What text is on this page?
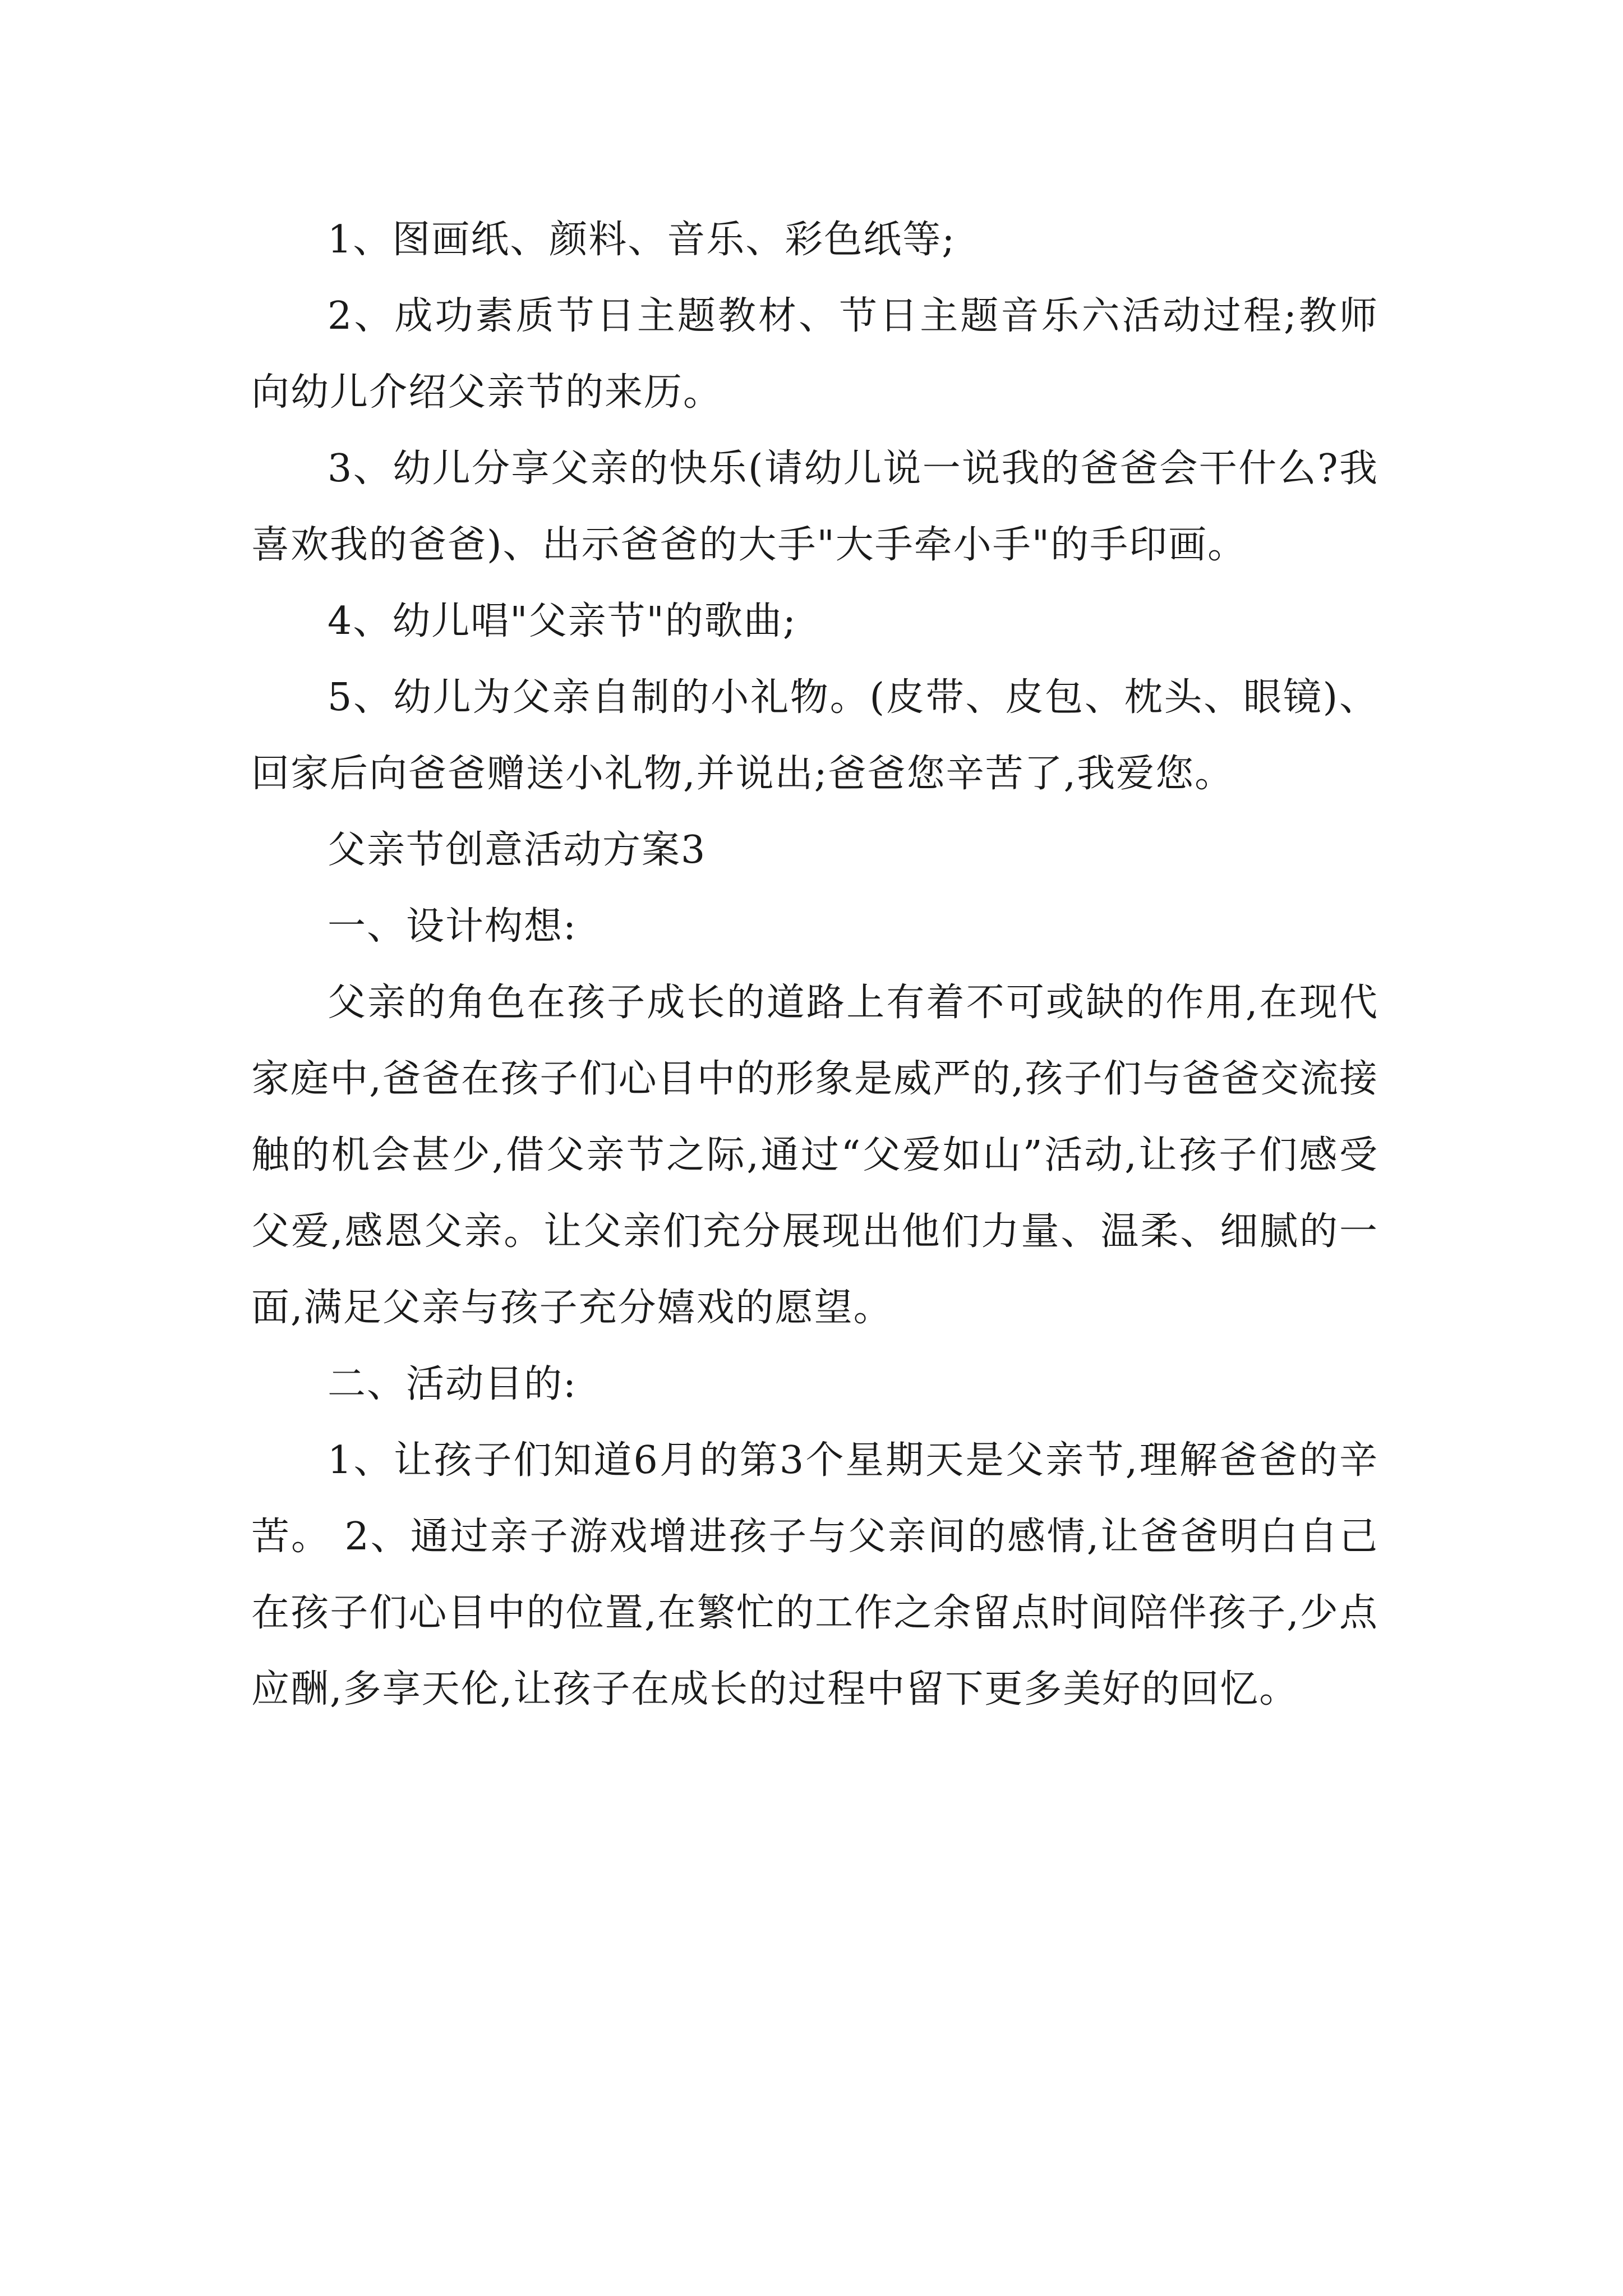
1、图画纸、颜料、音乐、彩色纸等;

2、成功素质节日主题教材、节日主题音乐六活动过程;教师向幼儿介绍父亲节的来历。

3、幼儿分享父亲的快乐(请幼儿说一说我的爸爸会干什么?我喜欢我的爸爸)、出示爸爸的大手"大手牵小手"的手印画。

4、幼儿唱"父亲节"的歌曲;

5、幼儿为父亲自制的小礼物。(皮带、皮包、枕头、眼镜)、回家后向爸爸赠送小礼物,并说出;爸爸您辛苦了,我爱您。

父亲节创意活动方案3

一、设计构想:

父亲的角色在孩子成长的道路上有着不可或缺的作用,在现代家庭中,爸爸在孩子们心目中的形象是威严的,孩子们与爸爸交流接触的机会甚少,借父亲节之际,通过“父爱如山”活动,让孩子们感受父爱,感恩父亲。让父亲们充分展现出他们力量、温柔、细腻的一面,满足父亲与孩子充分嬉戏的愿望。

二、活动目的:

1、让孩子们知道6月的第3个星期天是父亲节,理解爸爸的辛苦。 2、通过亲子游戏增进孩子与父亲间的感情,让爸爸明白自己在孩子们心目中的位置,在繁忙的工作之余留点时间陪伴孩子,少点应酬,多享天伦,让孩子在成长的过程中留下更多美好的回忆。
